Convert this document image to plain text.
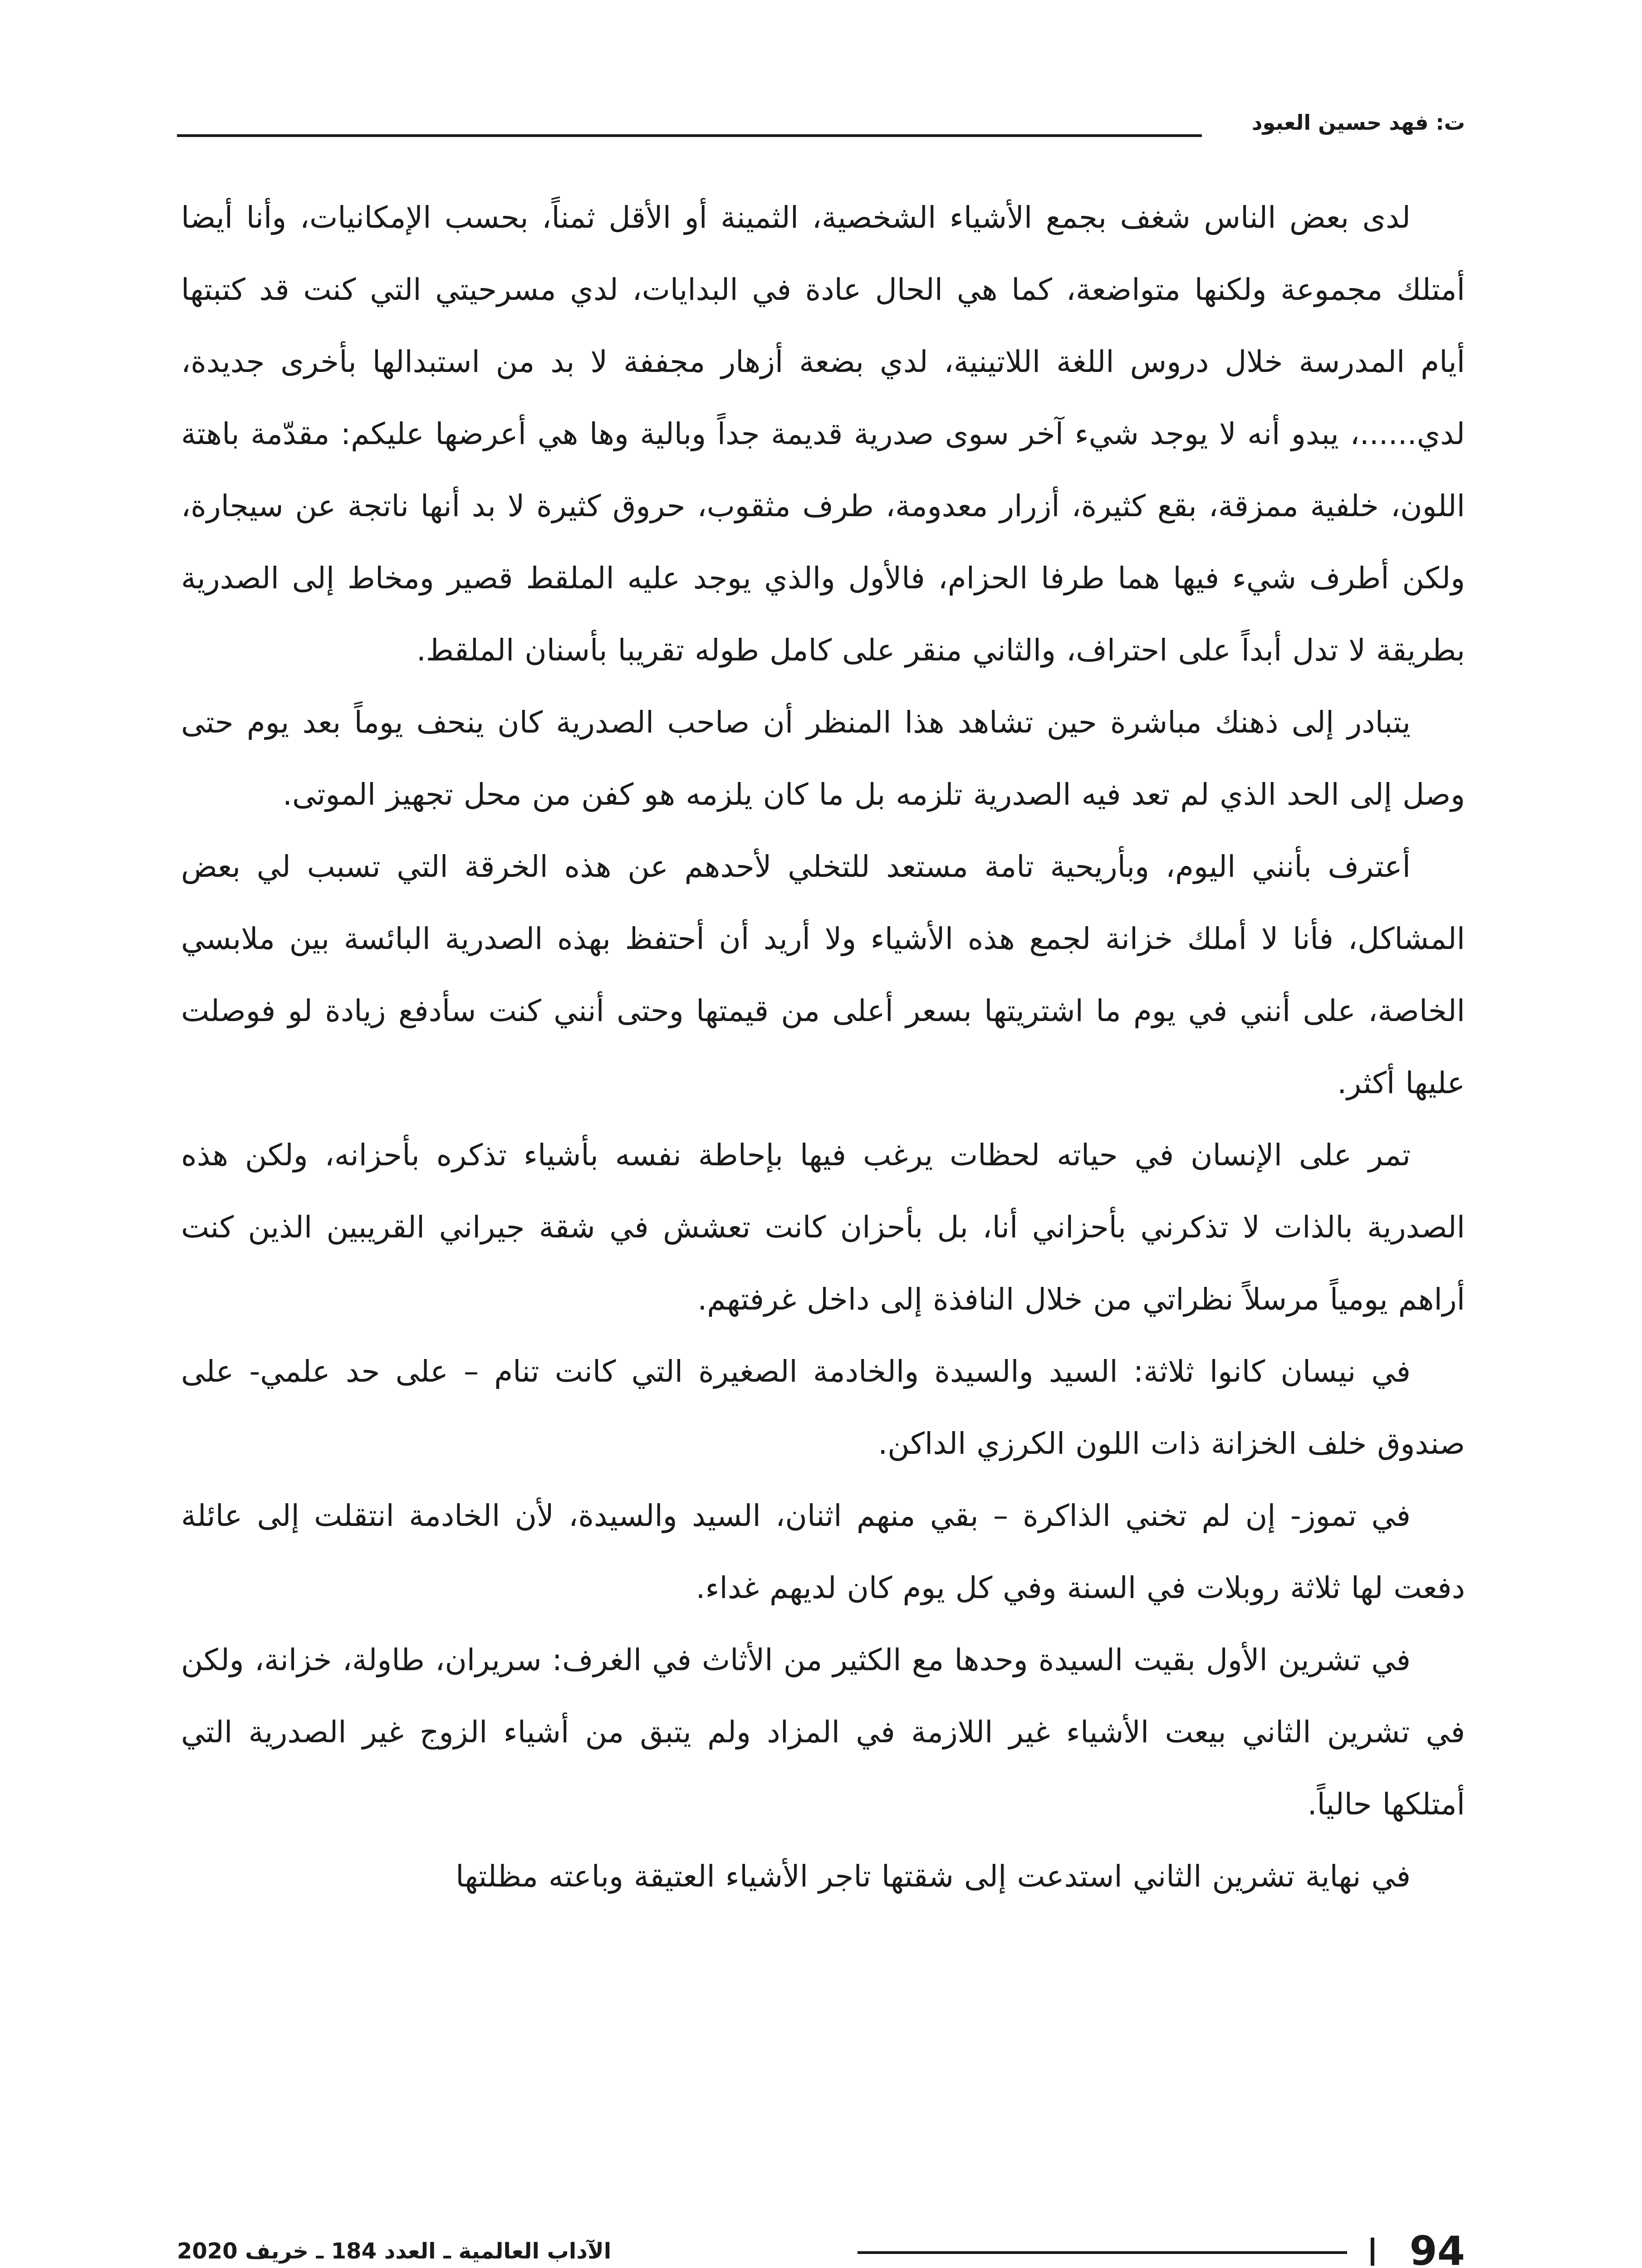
ت: فهد حسين العبود

لدى بعض الناس شغف بجمع الأشياء الشخصية، الثمينة أو الأقل ثمناً، بحسب الإمكانيات، وأنا أيضا أمتلك مجموعة ولكنها متواضعة، كما هي الحال عادة في البدايات، لدي مسرحيتي التي كنت قد كتبتها أيام المدرسة خلال دروس اللغة اللاتينية، لدي بضعة أزهار مجففة لا بد من استبدالها بأخرى جديدة، لدي......، يبدو أنه لا يوجد شيء آخر سوى صدرية قديمة جداً وبالية وها هي أعرضها عليكم: مقدّمة باهتة اللون، خلفية ممزقة، بقع كثيرة، أزرار معدومة، طرف مثقوب، حروق كثيرة لا بد أنها ناتجة عن سيجارة، ولكن أطرف شيء فيها هما طرفا الحزام، فالأول والذي يوجد عليه الملقط قصير ومخاط إلى الصدرية بطريقة لا تدل أبداً على احتراف، والثاني منقر على كامل طوله تقريبا بأسنان الملقط.

يتبادر إلى ذهنك مباشرة حين تشاهد هذا المنظر أن صاحب الصدرية كان ينحف يوماً بعد يوم حتى وصل إلى الحد الذي لم تعد فيه الصدرية تلزمه بل ما كان يلزمه هو كفن من محل تجهيز الموتى.

أعترف بأنني اليوم، وبأريحية تامة مستعد للتخلي لأحدهم عن هذه الخرقة التي تسبب لي بعض المشاكل، فأنا لا أملك خزانة لجمع هذه الأشياء ولا أريد أن أحتفظ بهذه الصدرية البائسة بين ملابسي الخاصة، على أنني في يوم ما اشتريتها بسعر أعلى من قيمتها وحتى أنني كنت سأدفع زيادة لو فوصلت عليها أكثر.

تمر على الإنسان في حياته لحظات يرغب فيها بإحاطة نفسه بأشياء تذكره بأحزانه، ولكن هذه الصدرية بالذات لا تذكرني بأحزاني أنا، بل بأحزان كانت تعشش في شقة جيراني القريبين الذين كنت أراهم يومياً مرسلاً نظراتي من خلال النافذة إلى داخل غرفتهم.

في نيسان كانوا ثلاثة: السيد والسيدة والخادمة الصغيرة التي كانت تنام – على حد علمي- على صندوق خلف الخزانة ذات اللون الكرزي الداكن.

في تموز- إن لم تخني الذاكرة – بقي منهم اثنان، السيد والسيدة، لأن الخادمة انتقلت إلى عائلة دفعت لها ثلاثة روبلات في السنة وفي كل يوم كان لديهم غداء.

في تشرين الأول بقيت السيدة وحدها مع الكثير من الأثاث في الغرف: سريران، طاولة، خزانة، ولكن في تشرين الثاني بيعت الأشياء غير اللازمة في المزاد ولم يتبق من أشياء الزوج غير الصدرية التي أمتلكها حالياً.

في نهاية تشرين الثاني استدعت إلى شقتها تاجر الأشياء العتيقة وباعته مظلتها

94
الآداب العالمية ـ العدد 184 ـ خريف 2020
